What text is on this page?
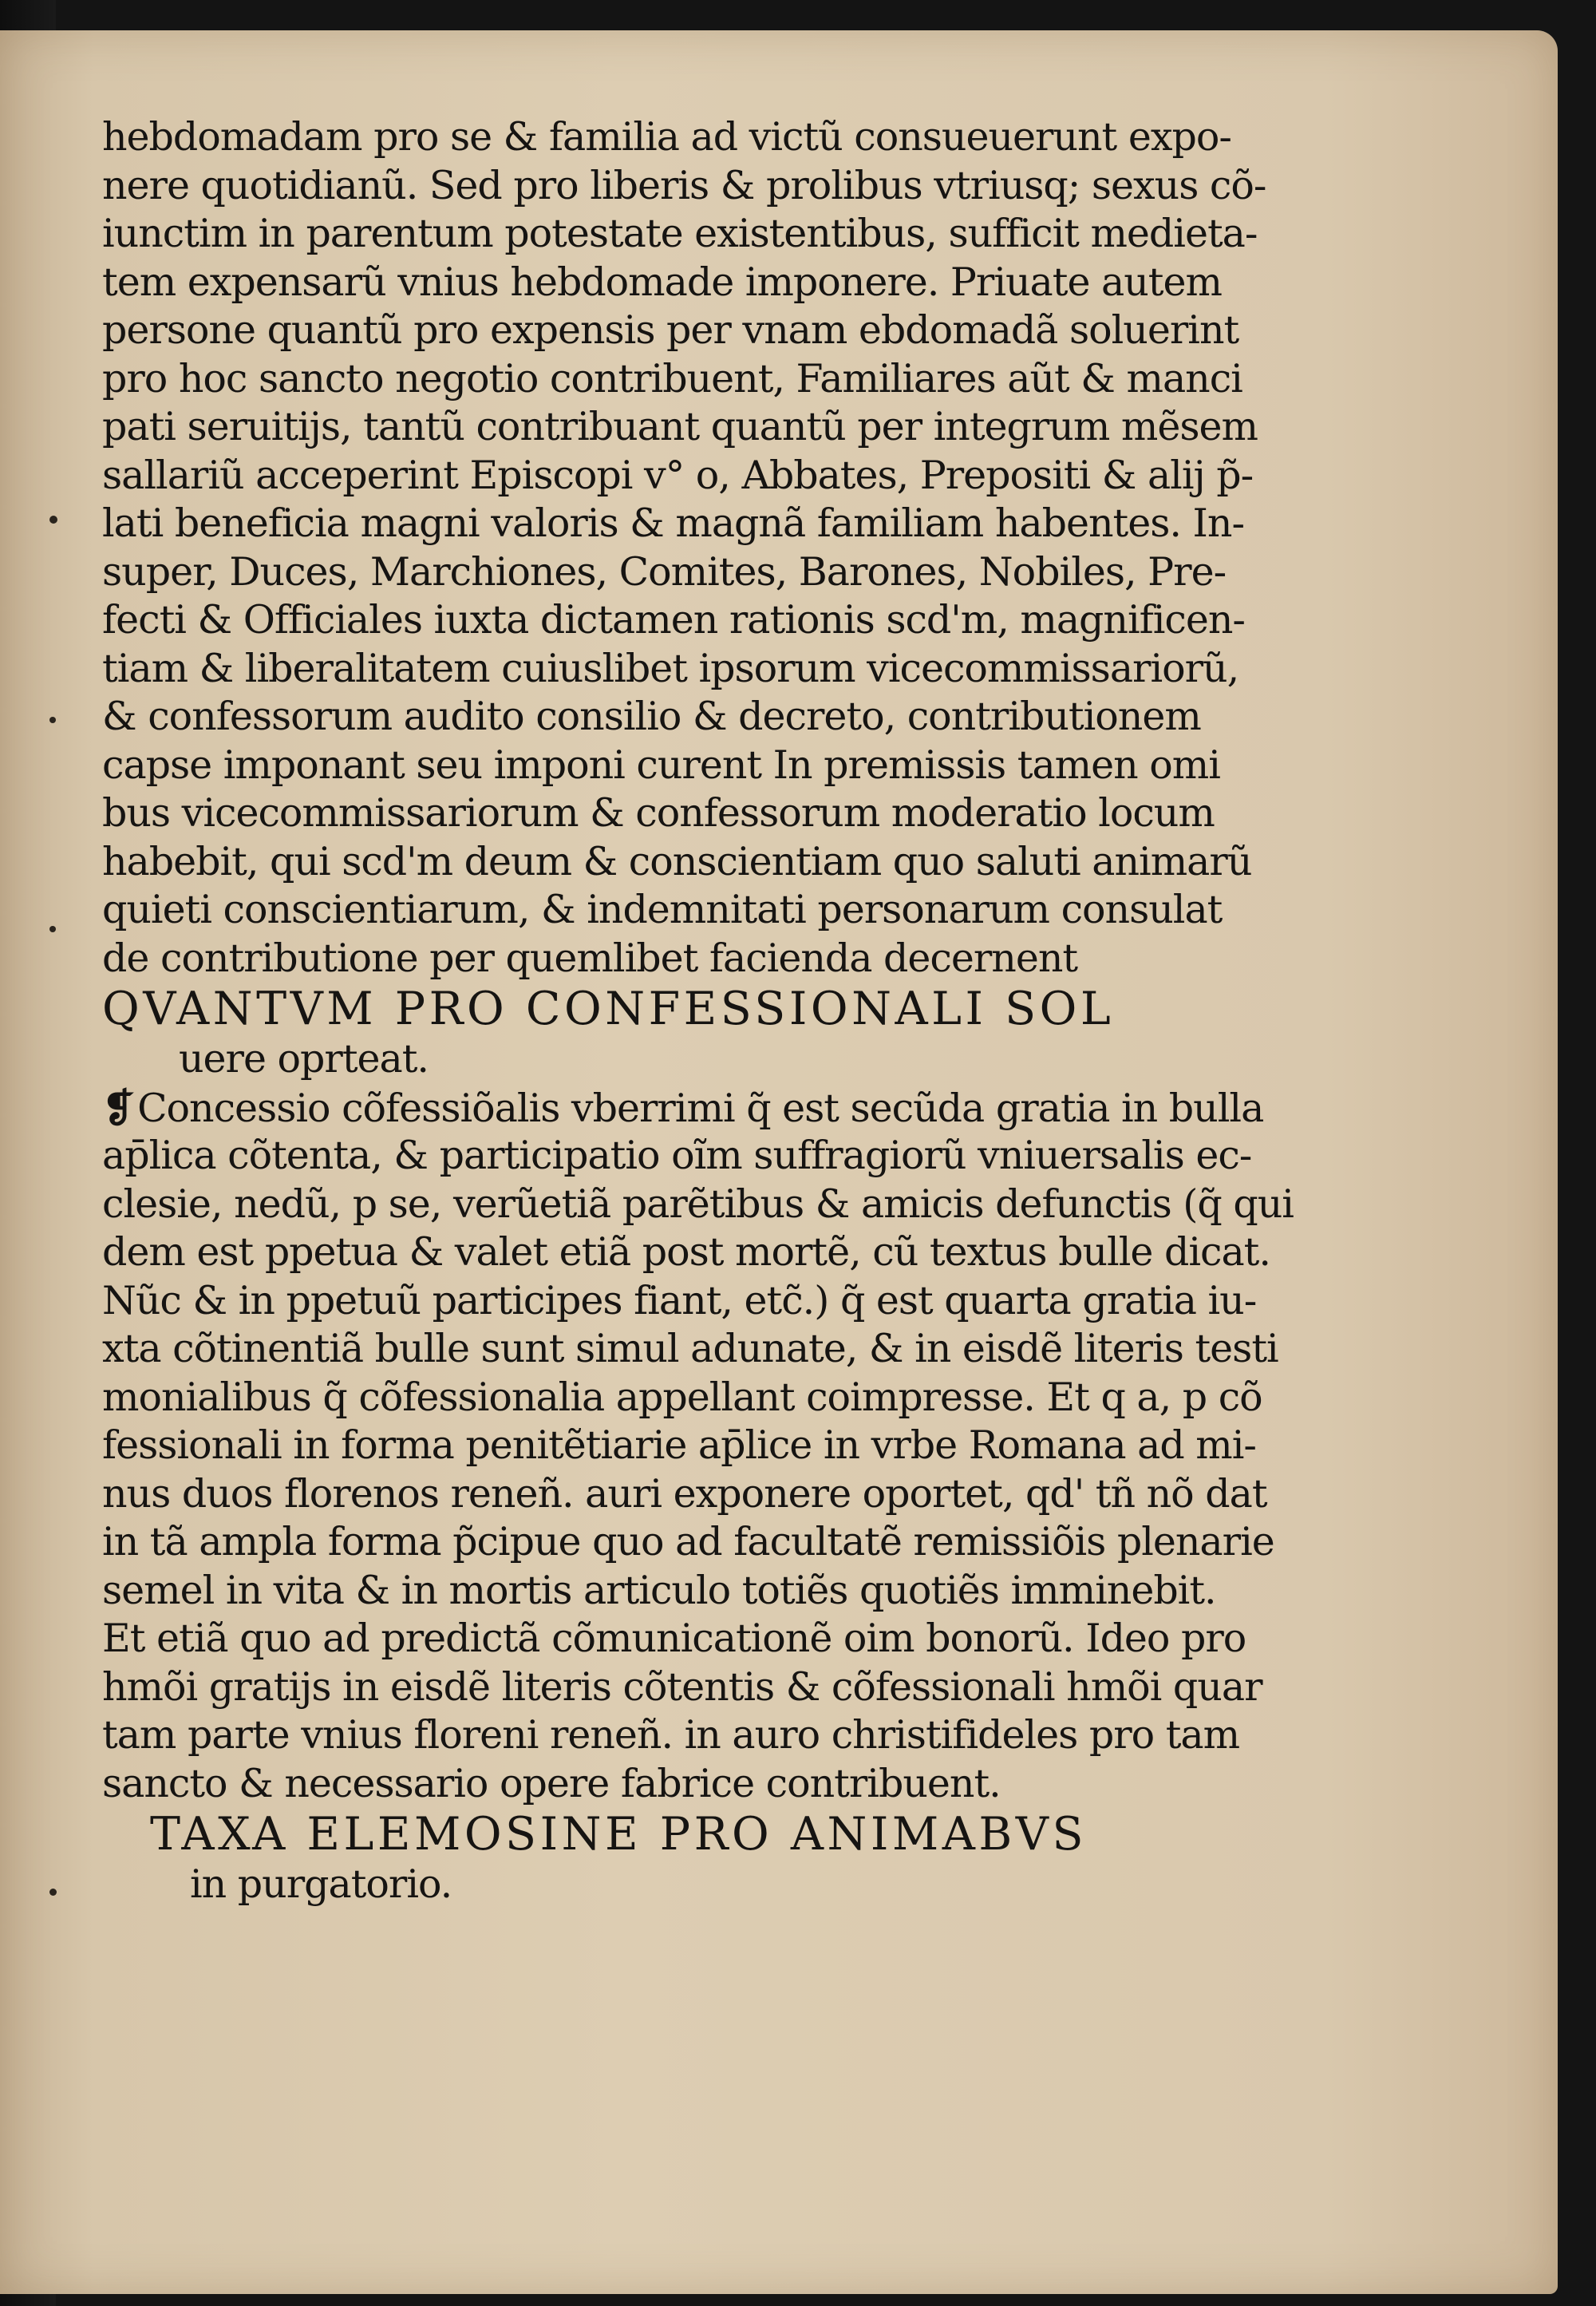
hebdomadam pro se & familia ad victũ consueuerunt expo-
nere quotidianũ. Sed pro liberis & prolibus vtriusq; sexus cõ-
iunctim in parentum potestate existentibus, sufficit medieta-
tem expensarũ vnius hebdomade imponere. Priuate autem
persone quantũ pro expensis per vnam ebdomadã soluerint
pro hoc sancto negotio contribuent, Familiares aũt & manci
pati seruitijs, tantũ contribuant quantũ per integrum mẽsem
sallariũ acceperint Episcopi v° o, Abbates, Prepositi & alij p̃-
lati beneficia magni valoris & magnã familiam habentes. In-
super, Duces, Marchiones, Comites, Barones, Nobiles, Pre-
fecti & Officiales iuxta dictamen rationis scd'm, magnificen-
tiam & liberalitatem cuiuslibet ipsorum vicecommissariorũ,
& confessorum audito consilio & decreto, contributionem
capse imponant seu imponi curent In premissis tamen omi
bus vicecommissariorum & confessorum moderatio locum
habebit, qui scd'm deum & conscientiam quo saluti animarũ
quieti conscientiarum, & indemnitati personarum consulat
de contributione per quemlibet facienda decernent
QVANTVM PRO CONFESSIONALI SOL
uere oprteat.
❡Concessio cõfessiõalis vberrimi q̃ est secũda gratia in bulla
ap̄lica cõtenta, & participatio oĩm suffragiorũ vniuersalis ec-
clesie, nedũ, p se, verũetiã parẽtibus & amicis defunctis (q̃ qui
dem est ppetua & valet etiã post mortẽ, cũ textus bulle dicat.
Nũc & in ppetuũ participes fiant, etc̃.) q̃ est quarta gratia iu-
xta cõtinentiã bulle sunt simul adunate, & in eisdẽ literis testi
monialibus q̃ cõfessionalia appellant coimpresse. Et q a, p cõ
fessionali in forma penitẽtiarie ap̄lice in vrbe Romana ad mi-
nus duos florenos reneñ. auri exponere oportet, qd' tñ nõ dat
in tã ampla forma p̃cipue quo ad facultatẽ remissiõis plenarie
semel in vita & in mortis articulo totiẽs quotiẽs imminebit.
Et etiã quo ad predictã cõmunicationẽ oim bonorũ. Ideo pro
hmõi gratijs in eisdẽ literis cõtentis & cõfessionali hmõi quar
tam parte vnius floreni reneñ. in auro christifideles pro tam
sancto & necessario opere fabrice contribuent.
TAXA ELEMOSINE PRO ANIMABVS
in purgatorio.
